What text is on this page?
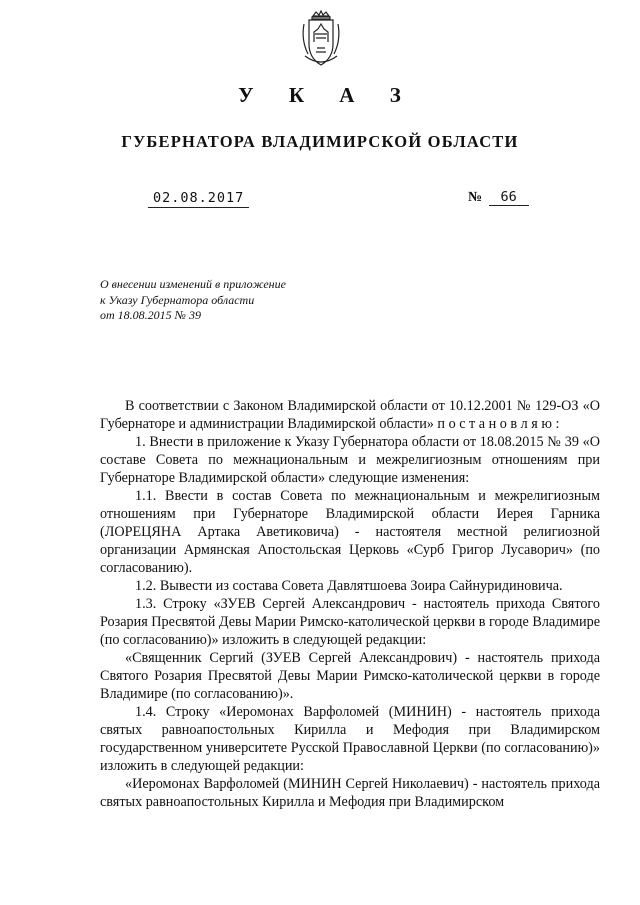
У К А З
ГУБЕРНАТОРА ВЛАДИМИРСКОЙ ОБЛАСТИ
02.08.2017	№ 66
О внесении изменений в приложение
к Указу Губернатора области
от 18.08.2015 № 39

В соответствии с Законом Владимирской области от 10.12.2001 № 129-ОЗ «О Губернаторе и администрации Владимирской области» п о с т а н о в л я ю :

1. Внести в приложение к Указу Губернатора области от 18.08.2015 № 39 «О составе Совета по межнациональным и межрелигиозным отношениям при Губернаторе Владимирской области» следующие изменения:

1.1. Ввести в состав Совета по межнациональным и межрелигиозным отношениям при Губернаторе Владимирской области Иерея Гарника (ЛОРЕЦЯНА Артака Аветиковича) - настоятеля местной религиозной организации Армянская Апостольская Церковь «Сурб Григор Лусаворич» (по согласованию).

1.2. Вывести из состава Совета Давлятшоева Зоира Сайнуридиновича.

1.3. Строку «ЗУЕВ Сергей Александрович - настоятель прихода Святого Розария Пресвятой Девы Марии Римско-католической церкви в городе Владимире (по согласованию)» изложить в следующей редакции:

«Священник Сергий (ЗУЕВ Сергей Александрович) - настоятель прихода Святого Розария Пресвятой Девы Марии Римско-католической церкви в городе Владимире (по согласованию)».

1.4. Строку «Иеромонах Варфоломей (МИНИН) - настоятель прихода святых равноапостольных Кирилла и Мефодия при Владимирском государственном университете Русской Православной Церкви (по согласованию)» изложить в следующей редакции:

«Иеромонах Варфоломей (МИНИН Сергей Николаевич) - настоятель прихода святых равноапостольных Кирилла и Мефодия при Владимирском
